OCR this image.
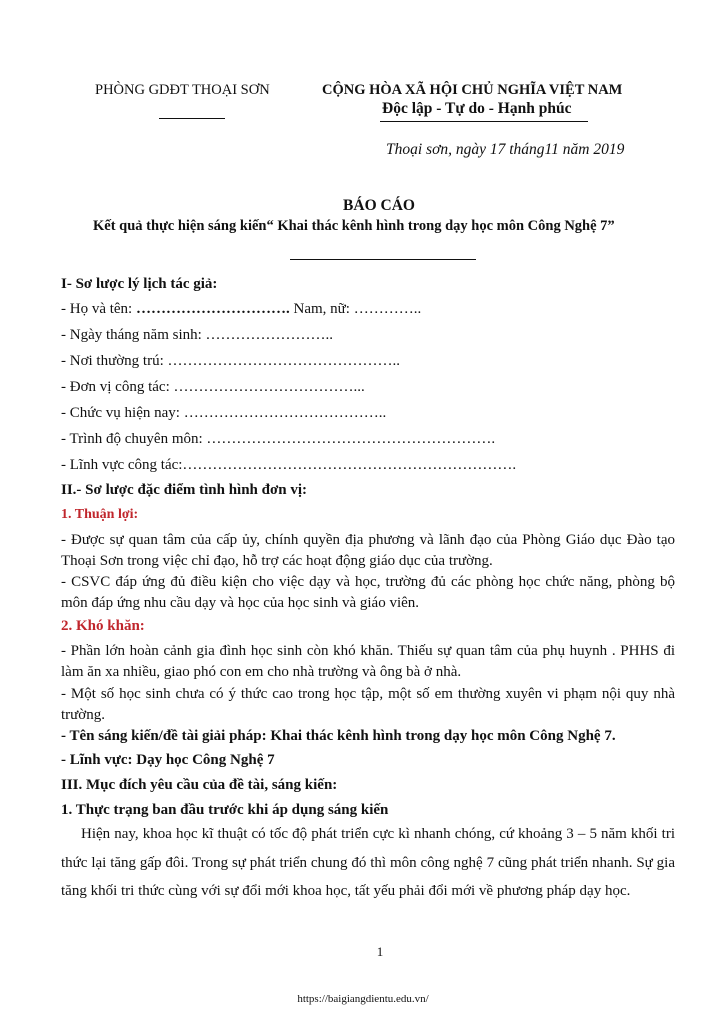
PHÒNG GDĐT THOẠI SƠN	CỘNG HÒA XÃ HỘI CHỦ NGHĨA VIỆT NAM
Độc lập - Tự do - Hạnh phúc
Thoại sơn, ngày 17 tháng11 năm 2019
BÁO CÁO
Kết quả thực hiện sáng kiến“ Khai thác kênh hình trong dạy học môn Công Nghệ 7”
I- Sơ lược lý lịch tác giả:
- Họ và tên: …………………………. Nam, nữ: …………..
- Ngày tháng năm sinh: ……………………..
- Nơi thường trú: ………………………………………..
- Đơn vị công tác: ………………………………...
- Chức vụ hiện nay: …………………………………..
- Trình độ chuyên môn: ………………………………………………….
- Lĩnh vực công tác:………………………………………………………….
II.- Sơ lược đặc điểm tình hình đơn vị:
1. Thuận lợi:
- Được sự quan tâm của cấp ủy, chính quyền địa phương và lãnh đạo của Phòng Giáo dục Đào tạo Thoại Sơn trong việc chỉ đạo, hỗ trợ các hoạt động giáo dục của trường.
- CSVC đáp ứng đủ điều kiện cho việc dạy và học, trường đủ các phòng học chức năng, phòng bộ môn đáp ứng nhu cầu dạy và học của học sinh và giáo viên.
2. Khó khăn:
- Phần lớn hoàn cảnh gia đình học sinh còn khó khăn. Thiếu sự quan tâm của phụ huynh . PHHS đi làm ăn xa nhiều, giao phó con em cho nhà trường và ông bà ở nhà.
- Một số học sinh chưa có ý thức cao trong học tập, một số em thường xuyên vi phạm nội quy nhà trường.
- Tên sáng kiến/đề tài giải pháp: Khai thác kênh hình trong dạy học môn Công Nghệ 7.
- Lĩnh vực: Dạy học Công Nghệ 7
III. Mục đích yêu cầu của đề tài, sáng kiến:
1. Thực trạng ban đầu trước khi áp dụng sáng kiến
Hiện nay, khoa học kĩ thuật có tốc độ phát triển cực kì nhanh chóng, cứ khoảng 3 – 5 năm khối tri thức lại tăng gấp đôi. Trong sự phát triển chung đó thì môn công nghệ 7 cũng phát triển nhanh. Sự gia tăng khối tri thức cùng với sự đổi mới khoa học, tất yếu phải đổi mới về phương pháp dạy học.
1
https://baigiangdientu.edu.vn/
